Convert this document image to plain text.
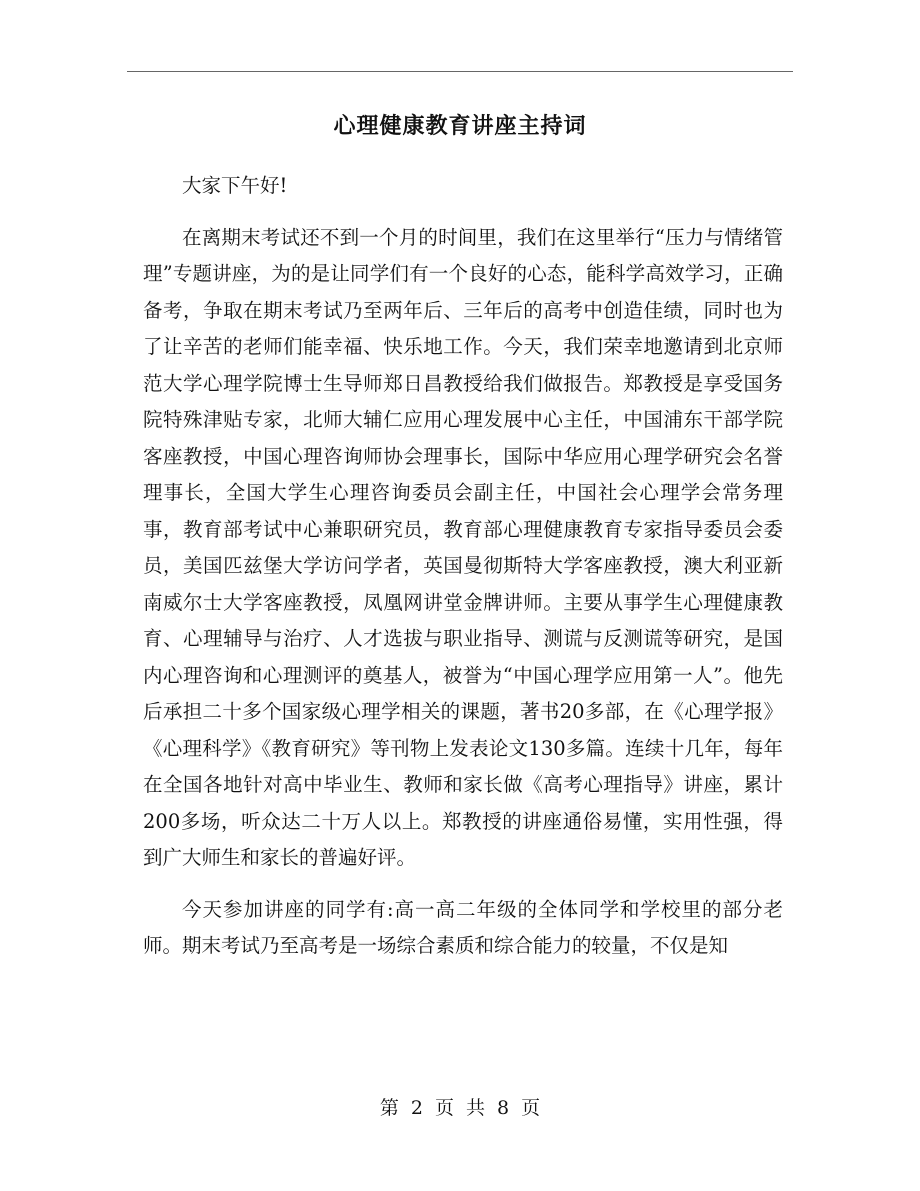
心理健康教育讲座主持词

大家下午好!

在离期末考试还不到一个月的时间里，我们在这里举行“压力与情绪管理”专题讲座，为的是让同学们有一个良好的心态，能科学高效学习，正确备考，争取在期末考试乃至两年后、三年后的高考中创造佳绩，同时也为了让辛苦的老师们能幸福、快乐地工作。今天，我们荣幸地邀请到北京师范大学心理学院博士生导师郑日昌教授给我们做报告。郑教授是享受国务院特殊津贴专家，北师大辅仁应用心理发展中心主任，中国浦东干部学院客座教授，中国心理咨询师协会理事长，国际中华应用心理学研究会名誉理事长，全国大学生心理咨询委员会副主任，中国社会心理学会常务理事，教育部考试中心兼职研究员，教育部心理健康教育专家指导委员会委员，美国匹兹堡大学访问学者，英国曼彻斯特大学客座教授，澳大利亚新南威尔士大学客座教授，凤凰网讲堂金牌讲师。主要从事学生心理健康教育、心理辅导与治疗、人才选拔与职业指导、测谎与反测谎等研究，是国内心理咨询和心理测评的奠基人，被誉为“中国心理学应用第一人”。他先后承担二十多个国家级心理学相关的课题，著书20多部，在《心理学报》《心理科学》《教育研究》等刊物上发表论文130多篇。连续十几年，每年在全国各地针对高中毕业生、教师和家长做《高考心理指导》讲座，累计200多场，听众达二十万人以上。郑教授的讲座通俗易懂，实用性强，得到广大师生和家长的普遍好评。

今天参加讲座的同学有:高一高二年级的全体同学和学校里的部分老师。期末考试乃至高考是一场综合素质和综合能力的较量，不仅是知

第 2 页 共 8 页
